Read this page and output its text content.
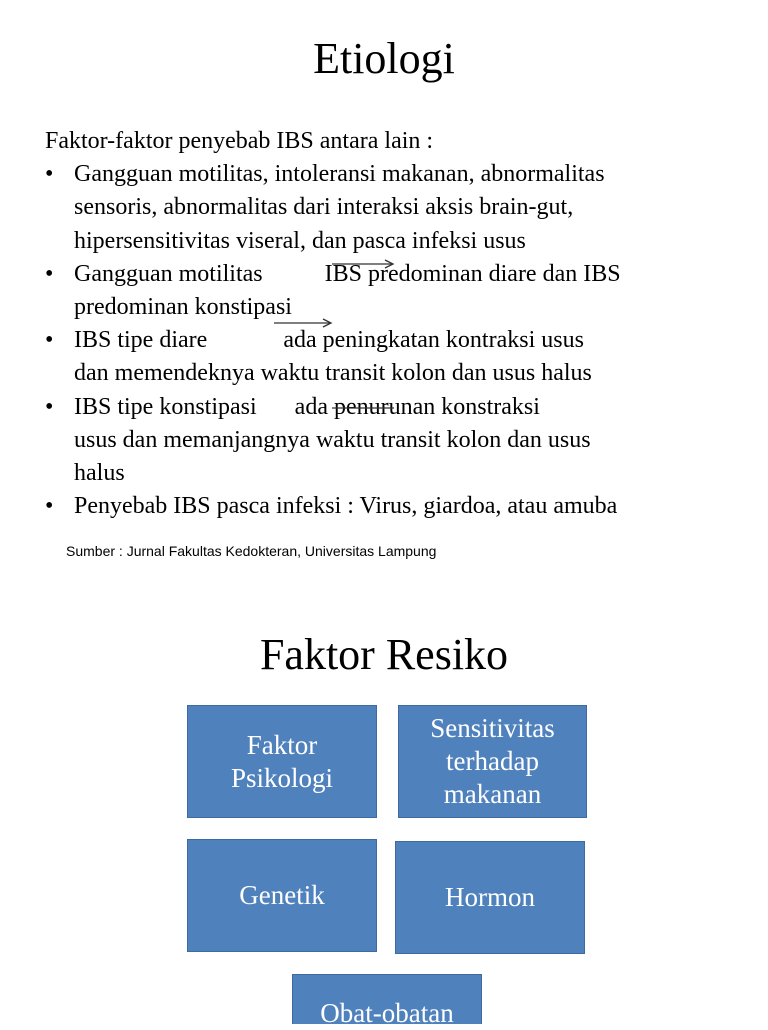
Etiologi
Faktor-faktor penyebab IBS antara lain :
• Gangguan motilitas, intoleransi makanan, abnormalitas
sensoris, abnormalitas dari interaksi aksis brain-gut,
hipersensitivitas viseral, dan pasca infeksi usus
• Gangguan motilitas	IBS predominan diare dan IBS
predominan konstipasi
• IBS tipe diare	ada peningkatan kontraksi usus
dan memendeknya waktu transit kolon dan usus halus
• IBS tipe konstipasi ada penurunan konstraksi
usus dan memanjangnya waktu transit kolon dan usus
halus
• Penyebab IBS pasca infeksi : Virus, giardoa, atau amuba
Sumber : Jurnal Fakultas Kedokteran, Universitas Lampung
Faktor Resiko
Faktor
Psikologi
Sensitivitas
terhadap
makanan
Genetik	Hormon
Obat-obatan
